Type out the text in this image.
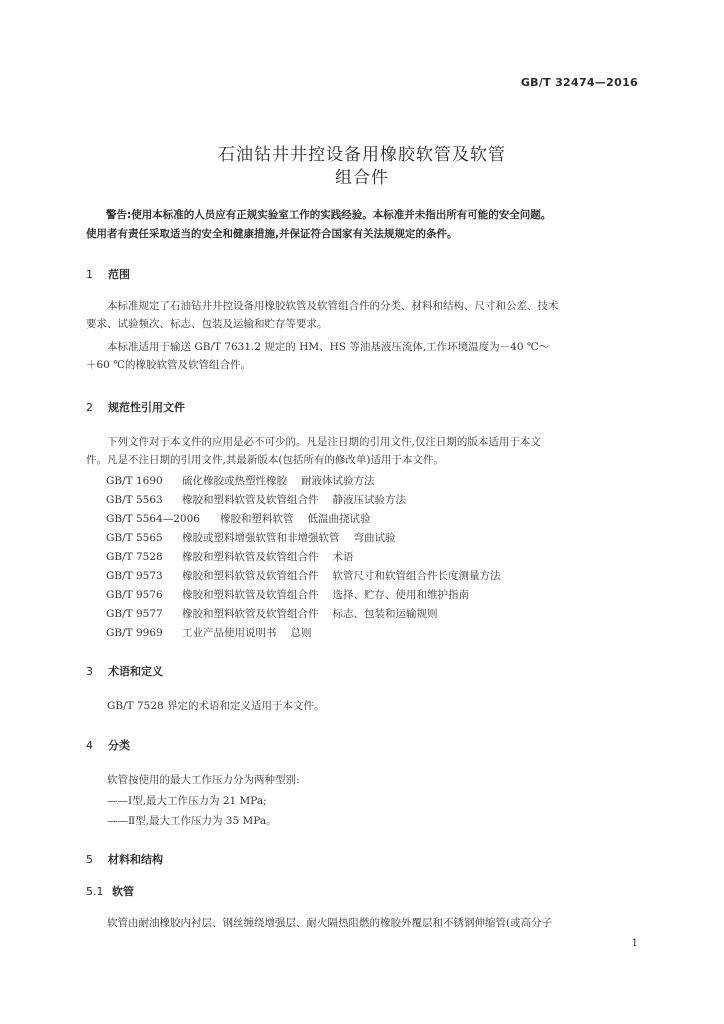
GB/T 32474—2016
石油钻井井控设备用橡胶软管及软管
组合件
警告:使用本标准的人员应有正规实验室工作的实践经验。本标准并未指出所有可能的安全问题。
使用者有责任采取适当的安全和健康措施,并保证符合国家有关法规规定的条件。
1 范围
本标准规定了石油钻井井控设备用橡胶软管及软管组合件的分类、材料和结构、尺寸和公差、技术
要求、试验频次、标志、包装及运输和贮存等要求。
本标准适用于输送 GB/T 7631.2 规定的 HM、HS 等油基液压流体,工作环境温度为－40 ℃～
＋60 ℃的橡胶软管及软管组合件。
2 规范性引用文件
下列文件对于本文件的应用是必不可少的。凡是注日期的引用文件,仅注日期的版本适用于本文
件。凡是不注日期的引用文件,其最新版本(包括所有的修改单)适用于本文件。
GB/T 1690 硫化橡胶或热塑性橡胶 耐液体试验方法
GB/T 5563 橡胶和塑料软管及软管组合件 静液压试验方法
GB/T 5564—2006 橡胶和塑料软管 低温曲挠试验
GB/T 5565 橡胶或塑料增强软管和非增强软管 弯曲试验
GB/T 7528 橡胶和塑料软管及软管组合件 术语
GB/T 9573 橡胶和塑料软管及软管组合件 软管尺寸和软管组合件长度测量方法
GB/T 9576 橡胶和塑料软管及软管组合件 选择、贮存、使用和维护指南
GB/T 9577 橡胶和塑料软管及软管组合件 标志、包装和运输规则
GB/T 9969 工业产品使用说明书 总则
3 术语和定义
GB/T 7528 界定的术语和定义适用于本文件。
4 分类
软管按使用的最大工作压力分为两种型别:
——Ⅰ型,最大工作压力为 21 MPa;
——Ⅱ型,最大工作压力为 35 MPa。
5 材料和结构
5.1 软管
软管由耐油橡胶内衬层、钢丝缠绕增强层、耐火隔热阻燃的橡胶外覆层和不锈钢伸缩管(或高分子
1
